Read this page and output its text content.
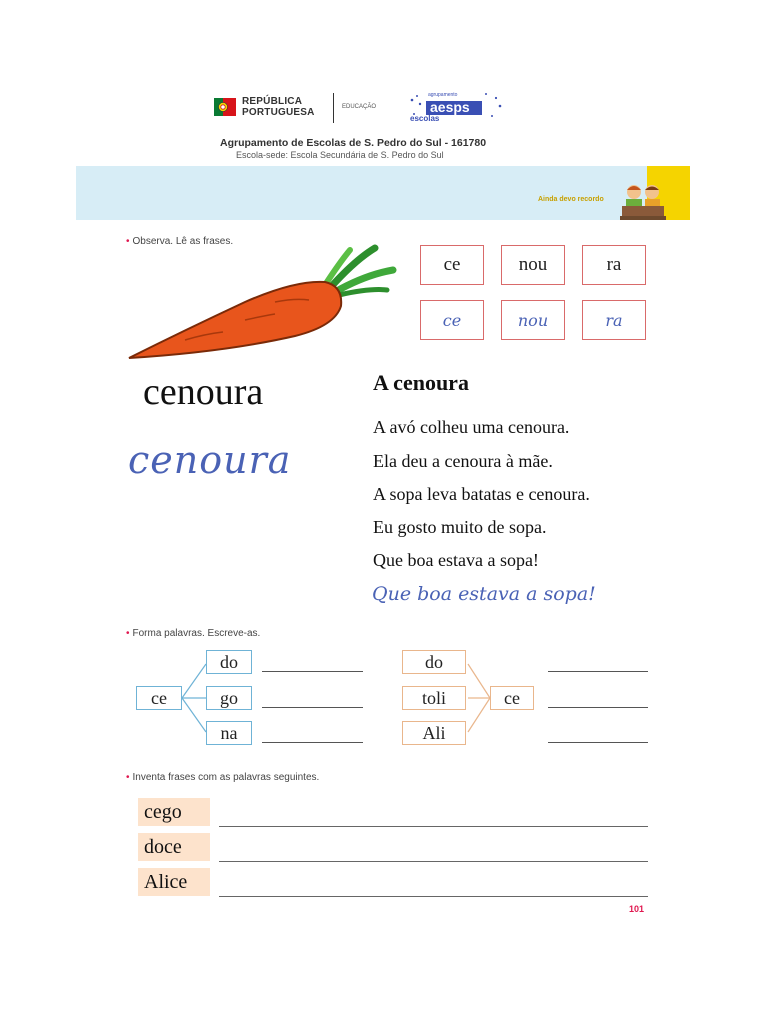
REPÚBLICA
PORTUGUESA	EDUCAÇÃO
agrupamento
aesps
escolas
Agrupamento de Escolas de S. Pedro do Sul - 161780
Escola-sede: Escola Secundária de S. Pedro do Sul
Ainda devo recordo
• Observa. Lê as frases.
ce	nou	ra
ce	nou	ra
cenoura
cenoura
A cenoura
A avó colheu uma cenoura.
Ela deu a cenoura à mãe.
A sopa leva batatas e cenoura.
Eu gosto muito de sopa.
Que boa estava a sopa!
Que boa estava a sopa!
• Forma palavras. Escreve-as.
ce
do
go
na
do
toli
Ali
ce
• Inventa frases com as palavras seguintes.
cego
doce
Alice
101
